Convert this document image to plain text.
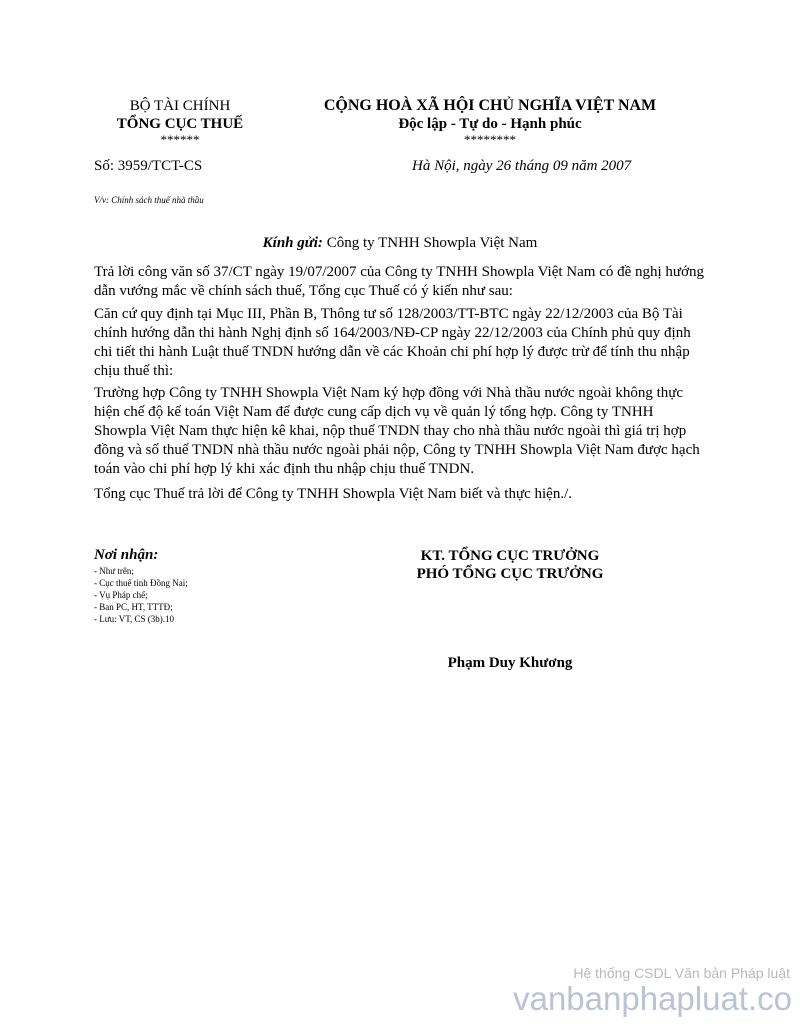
BỘ TÀI CHÍNH
TỔNG CỤC THUẾ
******
CỘNG HOÀ XÃ HỘI CHỦ NGHĨA VIỆT NAM
Độc lập - Tự do - Hạnh phúc
********
Số: 3959/TCT-CS	Hà Nội, ngày 26 tháng 09 năm 2007
V/v: Chính sách thuế nhà thầu
Kính gửi: Công ty TNHH Showpla Việt Nam
Trả lời công văn số 37/CT ngày 19/07/2007 của Công ty TNHH Showpla Việt Nam có đề nghị hướng dẫn vướng mắc về chính sách thuế, Tổng cục Thuế có ý kiến như sau:
Căn cứ quy định tại Mục III, Phần B, Thông tư số 128/2003/TT-BTC ngày 22/12/2003 của Bộ Tài chính hướng dẫn thi hành Nghị định số 164/2003/NĐ-CP ngày 22/12/2003 của Chính phủ quy định chi tiết thi hành Luật thuế TNDN hướng dẫn về các Khoản chi phí hợp lý được trừ để tính thu nhập chịu thuế thì:
Trường hợp Công ty TNHH Showpla Việt Nam ký hợp đồng với Nhà thầu nước ngoài không thực hiện chế độ kế toán Việt Nam để được cung cấp dịch vụ về quản lý tổng hợp. Công ty TNHH Showpla Việt Nam thực hiện kê khai, nộp thuế TNDN thay cho nhà thầu nước ngoài thì giá trị hợp đồng và số thuế TNDN nhà thầu nước ngoài phải nộp, Công ty TNHH Showpla Việt Nam được hạch toán vào chi phí hợp lý khi xác định thu nhập chịu thuế TNDN.
Tổng cục Thuế trả lời để Công ty TNHH Showpla Việt Nam biết và thực hiện./.
Nơi nhận:
- Như trên;
- Cục thuế tỉnh Đồng Nai;
- Vụ Pháp chế;
- Ban PC, HT, TTTĐ;
- Lưu: VT, CS (3b).10
KT. TỔNG CỤC TRƯỞNG
PHÓ TỔNG CỤC TRƯỞNG
Phạm Duy Khương
Hệ thống CSDL Văn bản Pháp luật
vanbanphapluat.co
